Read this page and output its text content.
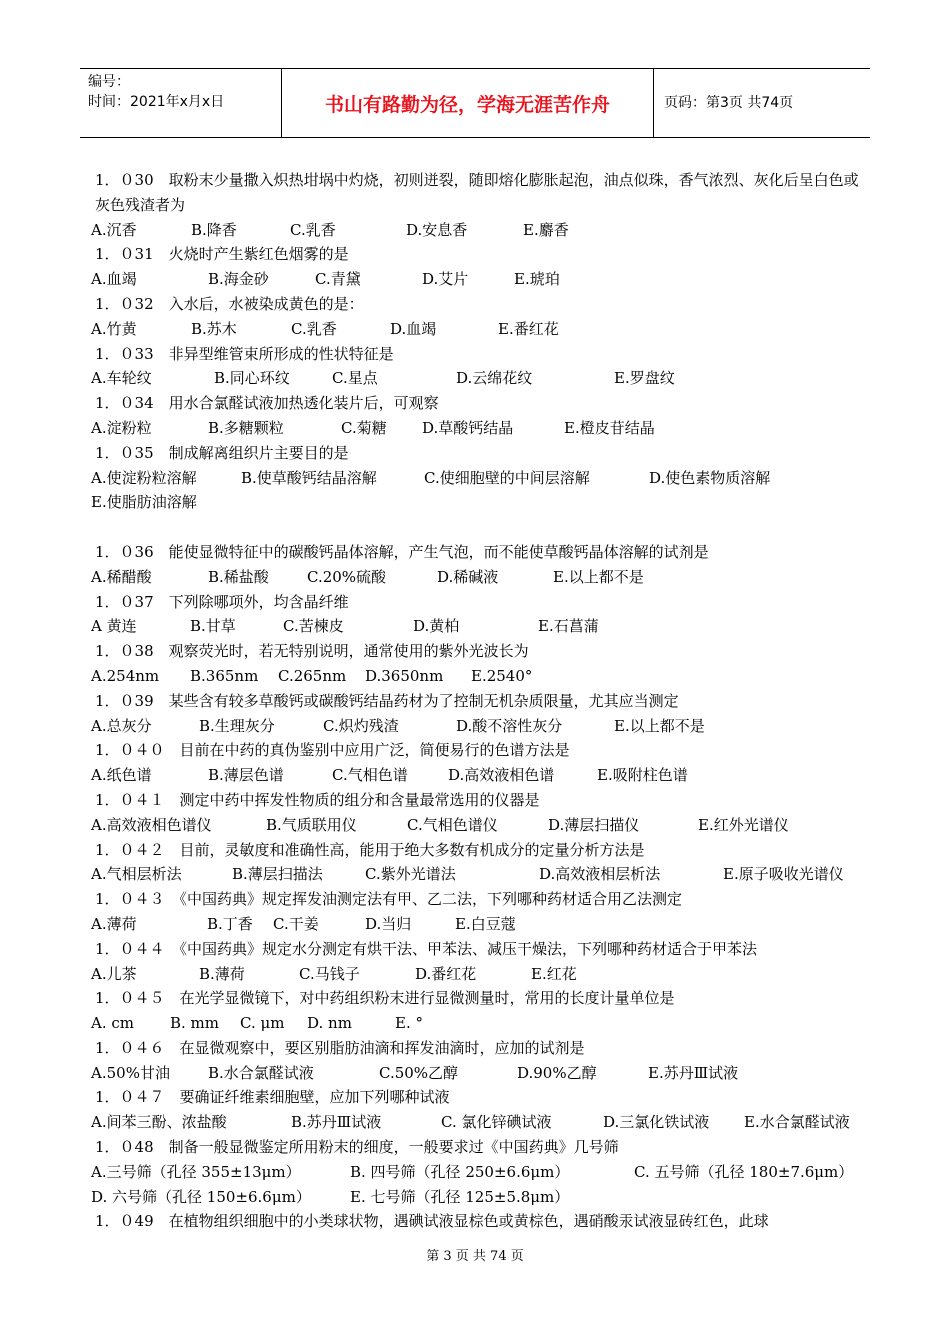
编号：
时间：2021年x月x日	书山有路勤为径，学海无涯苦作舟	页码：第3页 共74页
1．０30　取粉末少量撒入炽热坩埚中灼烧，初则迸裂，随即熔化膨胀起泡，油点似珠，香气浓烈、灰化后呈白色或灰色残渣者为
A.沉香	B.降香	C.乳香	D.安息香	E.麝香
1．０31　火烧时产生紫红色烟雾的是
A.血竭	B.海金砂	C.青黛	D.艾片	E.琥珀
1．０32　入水后，水被染成黄色的是：
A.竹黄	B.苏木	C.乳香	D.血竭	E.番红花
1．０33　非异型维管束所形成的性状特征是
A.车轮纹	B.同心环纹	C.星点	D.云绵花纹	E.罗盘纹
1．０34　用水合氯醛试液加热透化装片后，可观察
A.淀粉粒	B.多糖颗粒	C.菊糖 D.草酸钙结晶	E.橙皮苷结晶
1．０35　制成解离组织片主要目的是
A.使淀粉粒溶解	B.使草酸钙结晶溶解	C.使细胞壁的中间层溶解	D.使色素物质溶解
E.使脂肪油溶解
1．０36　能使显微特征中的碳酸钙晶体溶解，产生气泡，而不能使草酸钙晶体溶解的试剂是
A.稀醋酸	B.稀盐酸	C.20%硫酸	D.稀碱液	E.以上都不是
1．０37　下列除哪项外，均含晶纤维
A 黄连	B.甘草	C.苦楝皮	D.黄柏	E.石菖蒲
1．０38　观察荧光时，若无特别说明，通常使用的紫外光波长为
A.254nm B.365nm C.265nm D.3650nm E.2540°
1．０39　某些含有较多草酸钙或碳酸钙结晶药材为了控制无机杂质限量，尤其应当测定
A.总灰分	B.生理灰分	C.炽灼残渣	D.酸不溶性灰分	E.以上都不是
1．０４０　目前在中药的真伪鉴别中应用广泛，简便易行的色谱方法是
A.纸色谱	B.薄层色谱	C.气相色谱	D.高效液相色谱	E.吸附柱色谱
1．０４１　测定中药中挥发性物质的组分和含量最常选用的仪器是
A.高效液相色谱仪	B.气质联用仪	C.气相色谱仪	D.薄层扫描仪	E.红外光谱仪
1．０４２　目前，灵敏度和准确性高，能用于绝大多数有机成分的定量分析方法是
A.气相层析法	B.薄层扫描法	C.紫外光谱法	D.高效液相层析法	E.原子吸收光谱仪
1．０４３　《中国药典》规定挥发油测定法有甲、乙二法，下列哪种药材适合用乙法测定
A.薄荷	B.丁香 C.干姜	D.当归	E.白豆蔻
1．０４４　《中国药典》规定水分测定有烘干法、甲苯法、减压干燥法，下列哪种药材适合于甲苯法
A.儿茶	B.薄荷	C.马钱子	D.番红花	E.红花
1．０４５　在光学显微镜下，对中药组织粉末进行显微测量时，常用的长度计量单位是
A. cm B. mm C. μm D. nm	E. °
1．０４６　在显微观察中，要区别脂肪油滴和挥发油滴时，应加的试剂是
A.50%甘油	B.水合氯醛试液	C.50%乙醇	D.90%乙醇	E.苏丹Ⅲ试液
1．０４７　要确证纤维素细胞壁，应加下列哪种试液
A.间苯三酚、浓盐酸	B.苏丹Ⅲ试液	C. 氯化锌碘试液	D.三氯化铁试液 E.水合氯醛试液
1．０48　制备一般显微鉴定所用粉末的细度，一般要求过《中国药典》几号筛
A.三号筛（孔径 355±13μm）	B. 四号筛（孔径 250±6.6μm）	C. 五号筛（孔径 180±7.6μm）
D. 六号筛（孔径 150±6.6μm）	E. 七号筛（孔径 125±5.8μm）
1．０49　在植物组织细胞中的小类球状物，遇碘试液显棕色或黄棕色，遇硝酸汞试液显砖红色，此球
第 3 页 共 74 页
